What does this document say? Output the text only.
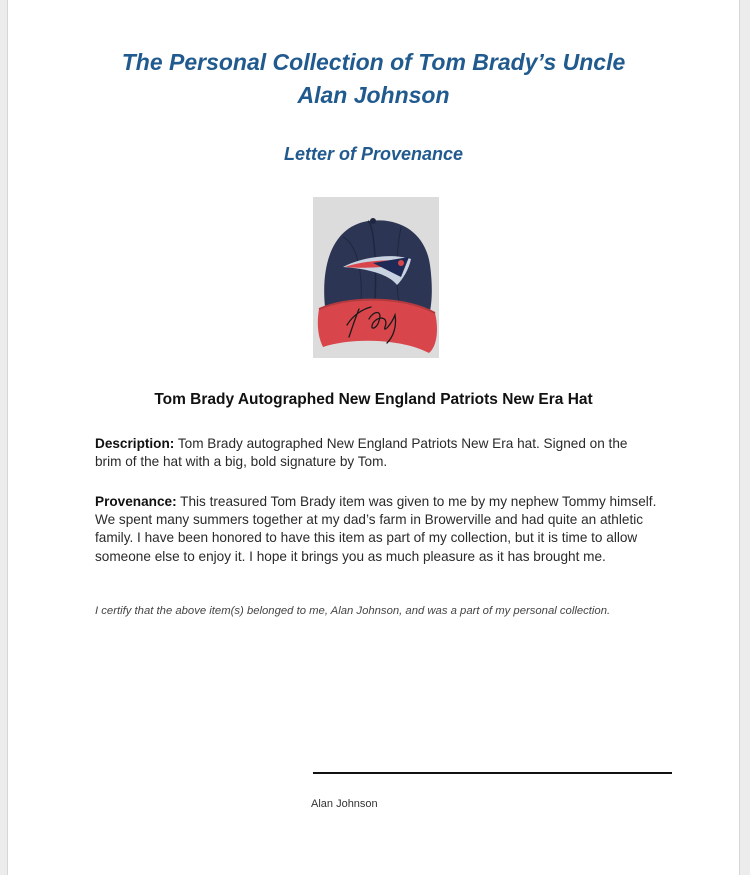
The Personal Collection of Tom Brady’s Uncle
Alan Johnson
Letter of Provenance
Tom Brady Autographed New England Patriots New Era Hat
Description: Tom Brady autographed New England Patriots New Era hat. Signed on the brim of the hat with a big, bold signature by Tom.
Provenance: This treasured Tom Brady item was given to me by my nephew Tommy himself. We spent many summers together at my dad’s farm in Browerville and had quite an athletic family. I have been honored to have this item as part of my collection, but it is time to allow someone else to enjoy it. I hope it brings you as much pleasure as it has brought me.
I certify that the above item(s) belonged to me, Alan Johnson, and was a part of my personal collection.
Alan Johnson
